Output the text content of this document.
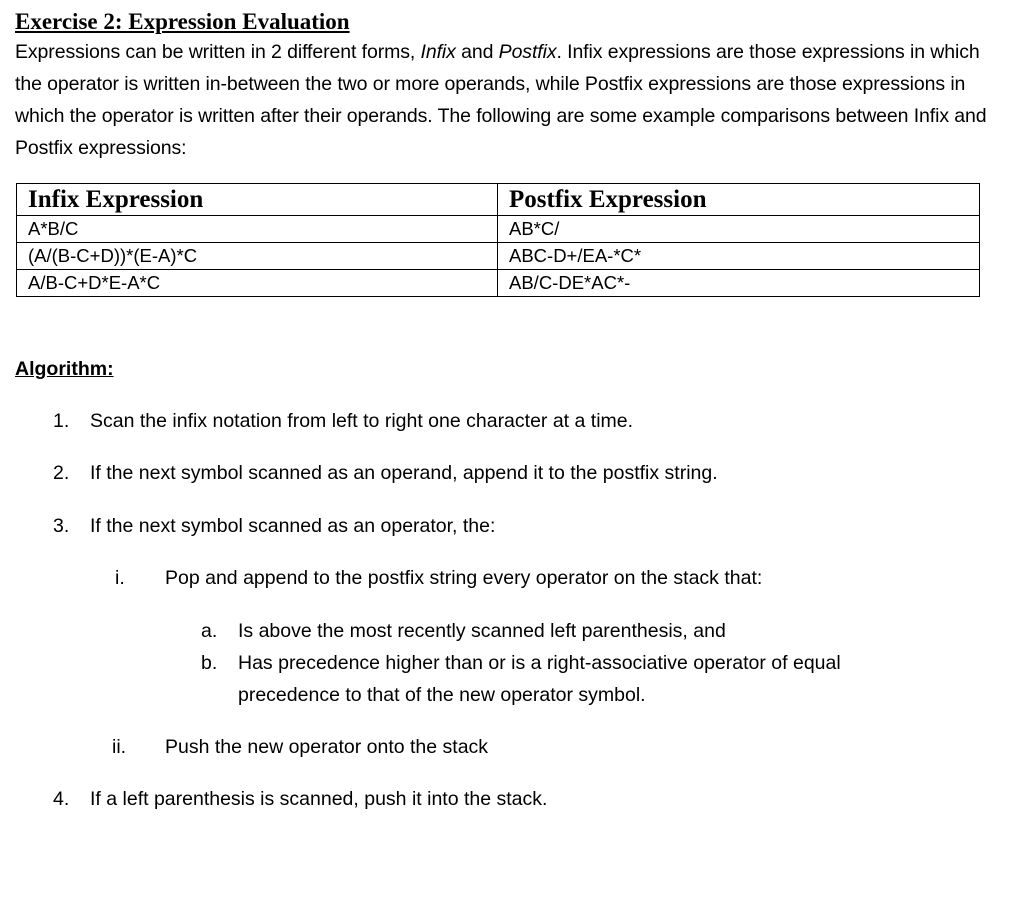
Exercise 2: Expression Evaluation

Expressions can be written in 2 different forms, Infix and Postfix. Infix expressions are those expressions in which the operator is written in-between the two or more operands, while Postfix expressions are those expressions in which the operator is written after their operands. The following are some example comparisons between Infix and Postfix expressions:

Infix Expression	Postfix Expression
A*B/C	AB*C/
(A/(B-C+D))*(E-A)*C	ABC-D+/EA-*C*
A/B-C+D*E-A*C	AB/C-DE*AC*-
Algorithm:
1. Scan the infix notation from left to right one character at a time.
2. If the next symbol scanned as an operand, append it to the postfix string.
3. If the next symbol scanned as an operator, the:
i. Pop and append to the postfix string every operator on the stack that:
a. Is above the most recently scanned left parenthesis, and
b. Has precedence higher than or is a right-associative operator of equal
precedence to that of the new operator symbol.
ii. Push the new operator onto the stack
4. If a left parenthesis is scanned, push it into the stack.
